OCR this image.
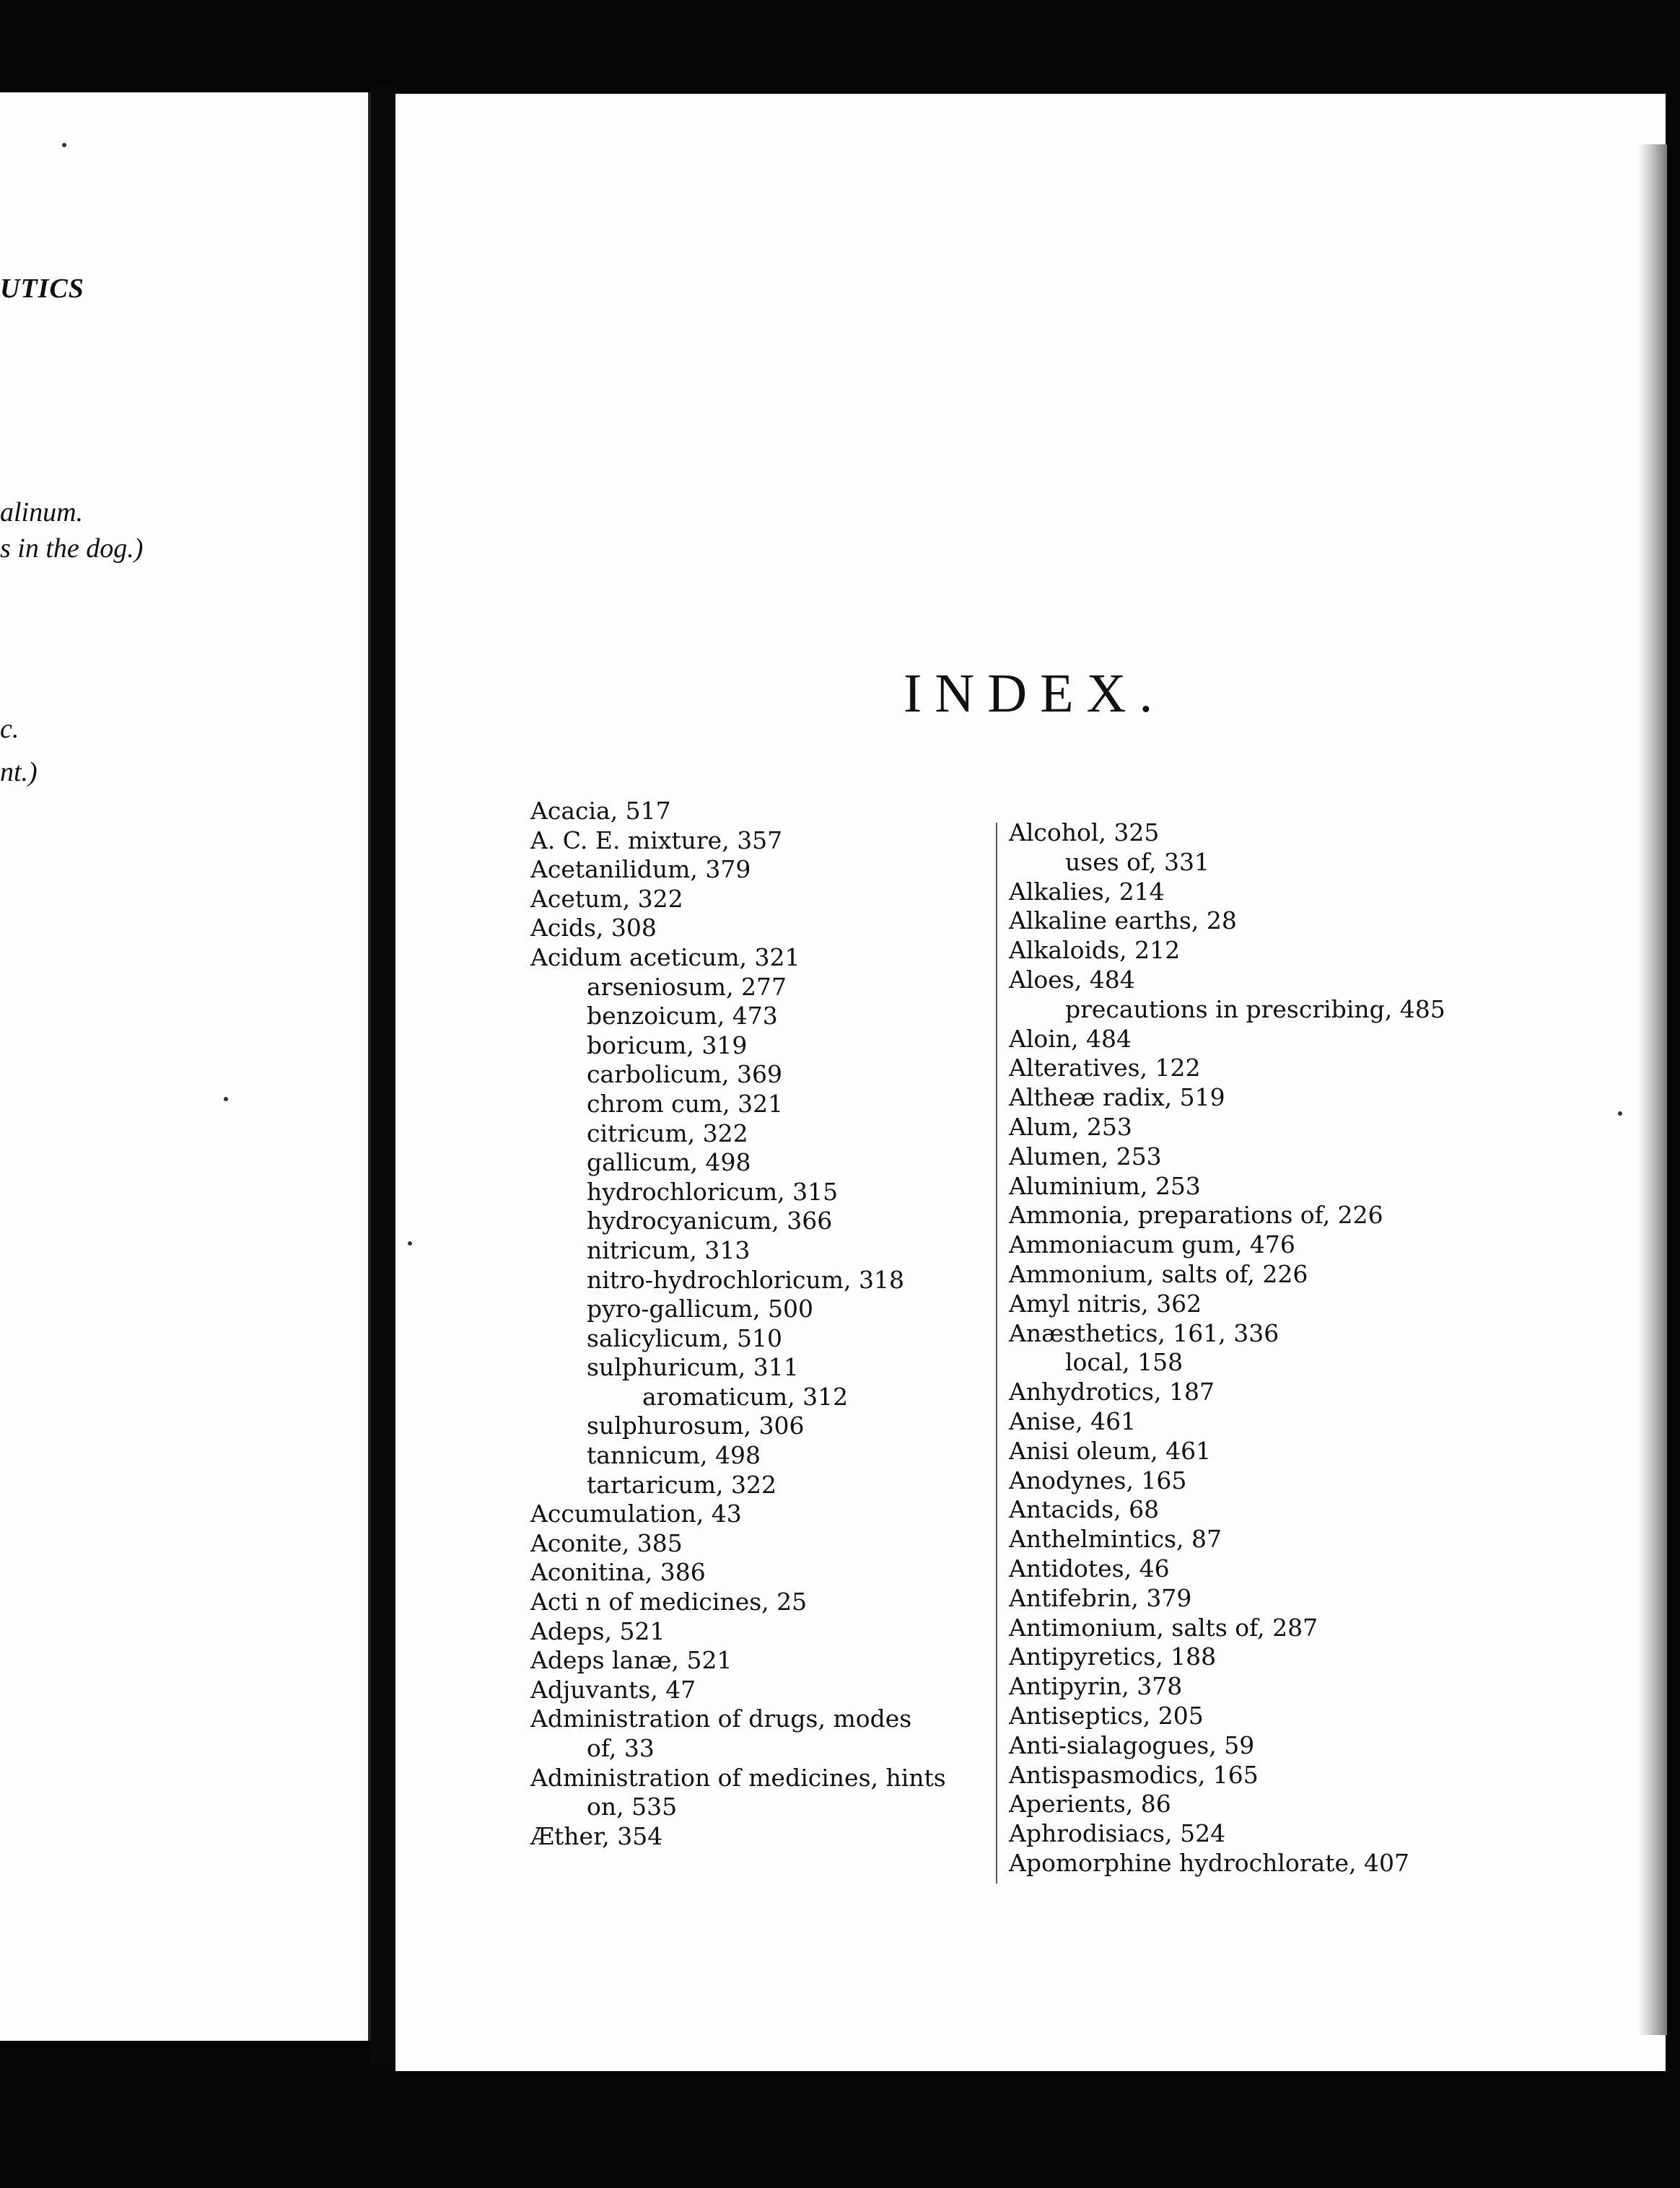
UTICS
alinum.
s in the dog.)
c.
nt.)
INDEX.
Acacia, 517
A. C. E. mixture, 357
Acetanilidum, 379
Acetum, 322
Acids, 308
Acidum aceticum, 321
arseniosum, 277
benzoicum, 473
boricum, 319
carbolicum, 369
chrom cum, 321
citricum, 322
gallicum, 498
hydrochloricum, 315
hydrocyanicum, 366
nitricum, 313
nitro-hydrochloricum, 318
pyro-gallicum, 500
salicylicum, 510
sulphuricum, 311
aromaticum, 312
sulphurosum, 306
tannicum, 498
tartaricum, 322
Accumulation, 43
Aconite, 385
Aconitina, 386
Acti n of medicines, 25
Adeps, 521
Adeps lanæ, 521
Adjuvants, 47
Administration of drugs, modes
of, 33
Administration of medicines, hints
on, 535
Æther, 354
Alcohol, 325
uses of, 331
Alkalies, 214
Alkaline earths, 28
Alkaloids, 212
Aloes, 484
precautions in prescribing, 485
Aloin, 484
Alteratives, 122
Altheæ radix, 519
Alum, 253
Alumen, 253
Aluminium, 253
Ammonia, preparations of, 226
Ammoniacum gum, 476
Ammonium, salts of, 226
Amyl nitris, 362
Anæsthetics, 161, 336
local, 158
Anhydrotics, 187
Anise, 461
Anisi oleum, 461
Anodynes, 165
Antacids, 68
Anthelmintics, 87
Antidotes, 46
Antifebrin, 379
Antimonium, salts of, 287
Antipyretics, 188
Antipyrin, 378
Antiseptics, 205
Anti-sialagogues, 59
Antispasmodics, 165
Aperients, 86
Aphrodisiacs, 524
Apomorphine hydrochlorate, 407
